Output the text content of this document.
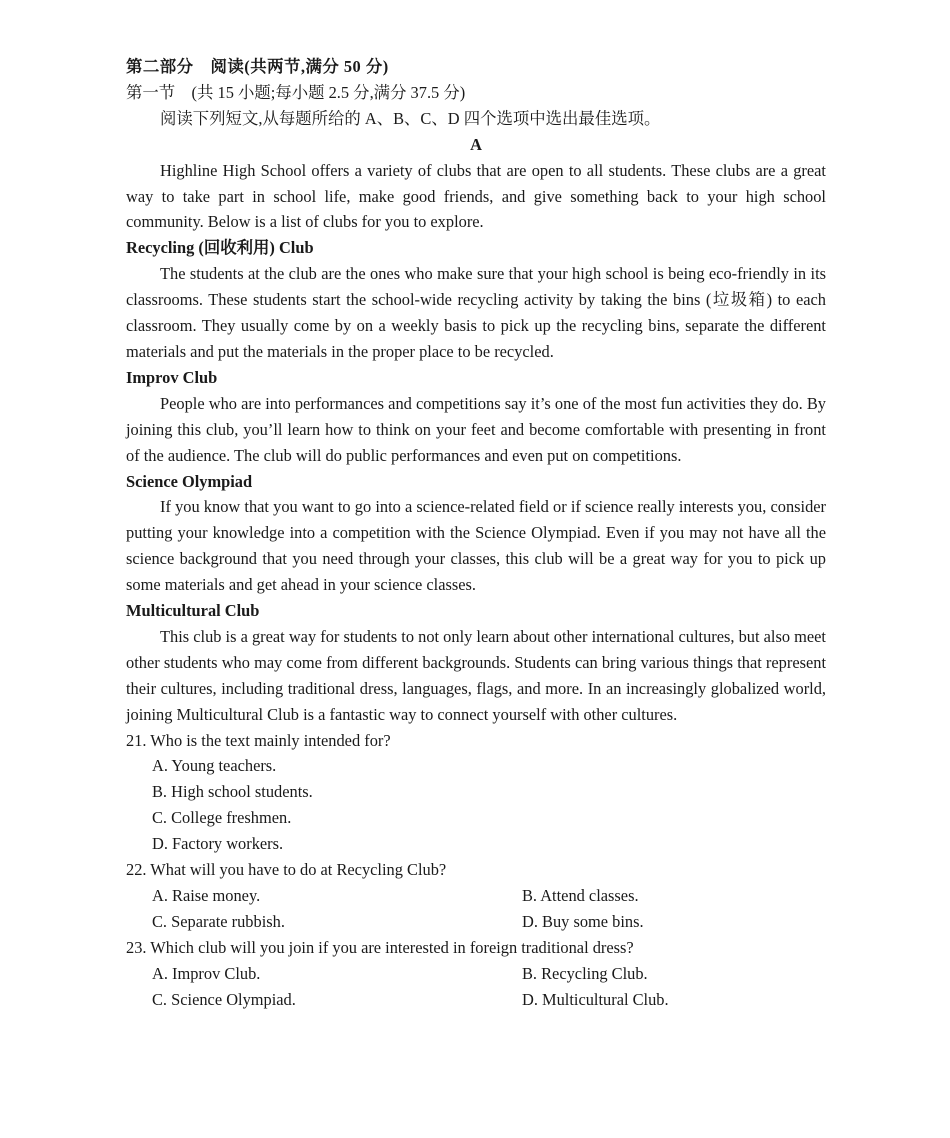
第二部分　阅读(共两节,满分 50 分)
第一节　(共 15 小题;每小题 2.5 分,满分 37.5 分)
阅读下列短文,从每题所给的 A、B、C、D 四个选项中选出最佳选项。
A
Highline High School offers a variety of clubs that are open to all students. These clubs are a great way to take part in school life, make good friends, and give something back to your high school community. Below is a list of clubs for you to explore.
Recycling (回收利用) Club
The students at the club are the ones who make sure that your high school is being eco-friendly in its classrooms. These students start the school-wide recycling activity by taking the bins (垃圾箱) to each classroom. They usually come by on a weekly basis to pick up the recycling bins, separate the different materials and put the materials in the proper place to be recycled.
Improv Club
People who are into performances and competitions say it’s one of the most fun activities they do. By joining this club, you’ll learn how to think on your feet and become comfortable with presenting in front of the audience. The club will do public performances and even put on competitions.
Science Olympiad
If you know that you want to go into a science-related field or if science really interests you, consider putting your knowledge into a competition with the Science Olympiad. Even if you may not have all the science background that you need through your classes, this club will be a great way for you to pick up some materials and get ahead in your science classes.
Multicultural Club
This club is a great way for students to not only learn about other international cultures, but also meet other students who may come from different backgrounds. Students can bring various things that represent their cultures, including traditional dress, languages, flags, and more. In an increasingly globalized world, joining Multicultural Club is a fantastic way to connect yourself with other cultures.
21. Who is the text mainly intended for?
A. Young teachers.
B. High school students.
C. College freshmen.
D. Factory workers.
22. What will you have to do at Recycling Club?
A. Raise money.	B. Attend classes.
C. Separate rubbish.	D. Buy some bins.
23. Which club will you join if you are interested in foreign traditional dress?
A. Improv Club.	B. Recycling Club.
C. Science Olympiad.	D. Multicultural Club.
